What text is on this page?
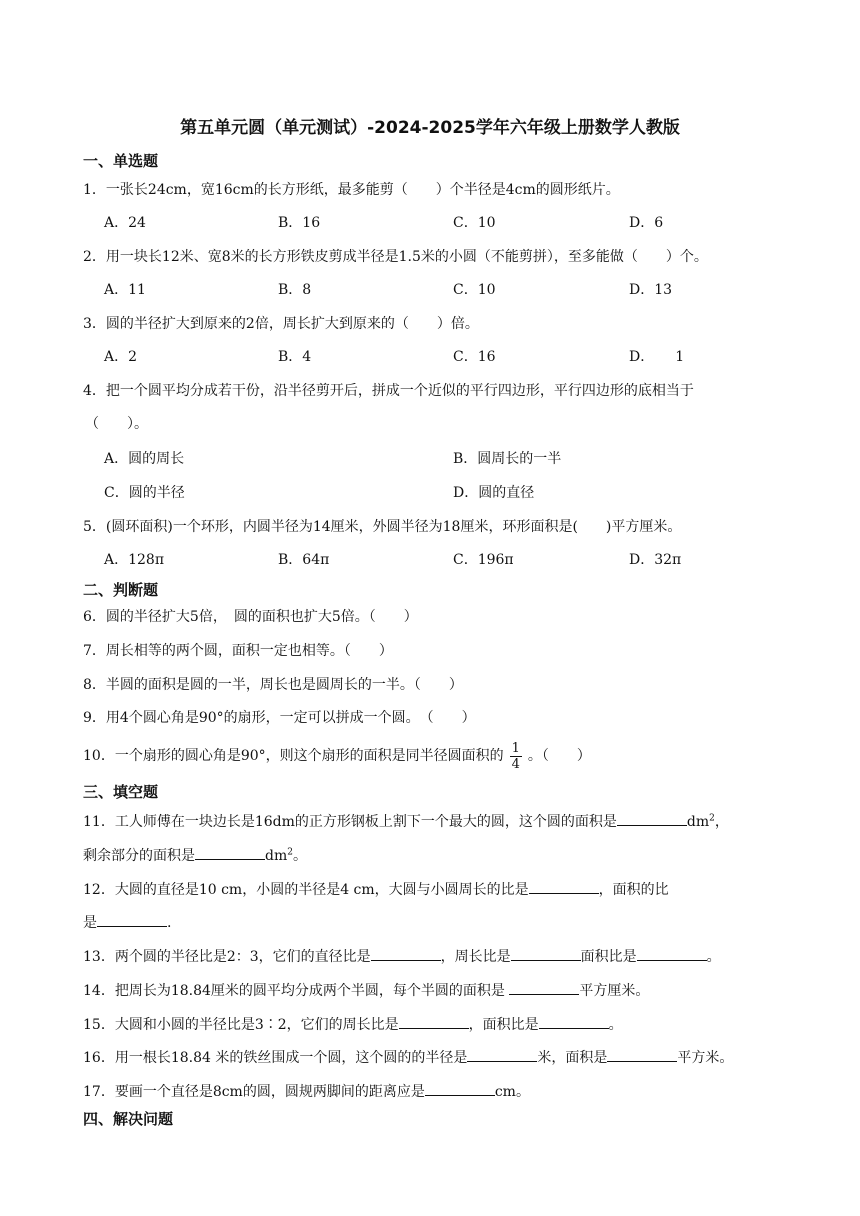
第五单元圆（单元测试）-2024-2025学年六年级上册数学人教版
一、单选题
1．一张长24cm，宽16cm的长方形纸，最多能剪（　　）个半径是4cm的圆形纸片。
A．24	B．16	C．10	D．6
2．用一块长12米、宽8米的长方形铁皮剪成半径是1.5米的小圆（不能剪拼），至多能做（　　）个。
A．11	B．8	C．10	D．13
3．圆的半径扩大到原来的2倍，周长扩大到原来的（　　）倍。
A．2	B．4	C．16	D．　　1
4．把一个圆平均分成若干份，沿半径剪开后，拼成一个近似的平行四边形，平行四边形的底相当于
（　　）。
A．圆的周长	B．圆周长的一半
C．圆的半径	D．圆的直径
5．(圆环面积)一个环形，内圆半径为14厘米，外圆半径为18厘米，环形面积是(　　)平方厘米。
A．128π	B．64π	C．196π	D．32π
二、判断题
6．圆的半径扩大5倍，　圆的面积也扩大5倍。（　　）
7．周长相等的两个圆，面积一定也相等。（　　）
8．半圆的面积是圆的一半，周长也是圆周长的一半。（　　）
9．用4个圆心角是90°的扇形，一定可以拼成一个圆。　（　　）
10．一个扇形的圆心角是90°，则这个扇形的面积是同半径圆面积的 $\frac{1}{4}$ 。（　　）
三、填空题
11．工人师傅在一块边长是16dm的正方形钢板上割下一个最大的圆，这个圆的面积是	$dm^2$，
剩余部分的面积是	$dm^2$。
12．大圆的直径是10 cm，小圆的半径是4 cm，大圆与小圆周长的比是	，面积的比
是	.
13．两个圆的半径比是2：3，它们的直径比是	，周长比是	面积比是	。
14．把周长为18.84厘米的圆平均分成两个半圆，每个半圆的面积是	平方厘米。
15．大圆和小圆的半径比是3∶2，它们的周长比是	，面积比是	。
16．用一根长18.84 米的铁丝围成一个圆，这个圆的的半径是	米，面积是	平方米。
17．要画一个直径是8cm的圆，圆规两脚间的距离应是	cm。
四、解决问题
